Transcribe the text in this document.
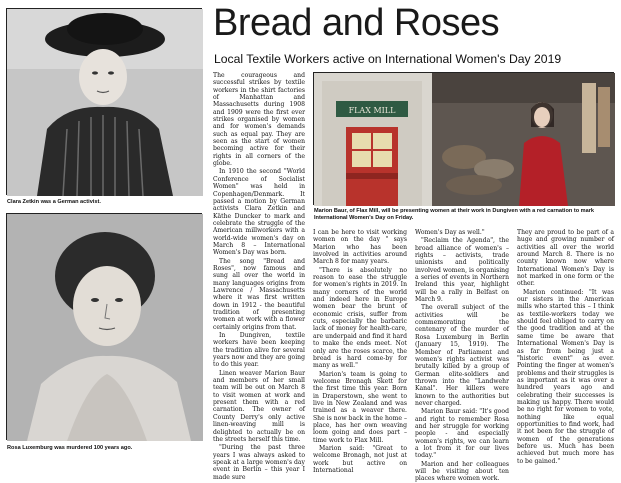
Clara Zetkin was a German activist.
Rosa Luxemburg was murdered 100 years ago.
Bread and Roses
Local Textile Workers active on International Women's Day 2019

The courageous and successful strikes by textile workers in the shirt factories of Manhattan and Massachusetts during 1908 and 1909 were the first ever strikes organised by women and for women's demands such as equal pay. They are seen as the start of women becoming active for their rights in all corners of the globe.

In 1910 the second "World Conference of Socialist Women" was held in Copenhagen/Denmark. It passed a motion by German activists Clara Zetkin and Käthe Duncker to mark and celebrate the struggle of the American millworkers with a world-wide women's day on March 8 – International Women's Day was born.

The song "Bread and Roses", now famous and sung all over the world in many languages origins from Lawrence / Massachusetts where it was first written down in 1912 - the beautiful tradition of presenting women at work with a flower certainly origins from that.

In Dungiven, textile workers have been keeping the tradition alive for several years now and they are going to do this year.

Linen weaver Marion Baur and members of her small team will be out on March 8 to visit women at work and present them with a red carnation. The owner of County Derry's only active linen-weaving mill is delighted to actually be on the streets herself this time.

"During the past three years I was always asked to speak at a large women's day event in Berlin – this year I made sure

FLAX MILL
Marion Baur, of Flax Mill, will be presenting women at their work in Dungiven with a red carnation to mark International Women's Day on Friday.

I can be here to visit working women on the day " says Marion who has been involved in activities around March 8 for many years.

"There is absolutely no reason to ease the struggle for women's rights in 2019. In many corners of the world and indeed here in Europe women bear the brunt of economic crisis, suffer from cuts, especially the barbaric lack of money for health-care, are underpaid and find it hard to make the ends meet. Not only are the roses scarce, the bread is hard come-by for many as well."

Marion's team is going to welcome Bronagh Skett for the first time this year. Born in Draperstown, she went to live in New Zealand and was trained as a weaver there. She is now back in the home – place, has her own weaving loom going and does part – time work to Flax Mill.

Marion said: "Great to welcome Bronagh, not just at work but active on International

Women's Day as well."

"Reclaim the Agenda", the broad alliance of women's – rights – activists, trade unionists and politically involved women, is organising a series of events in Northern Ireland this year, highlight will be a rally in Belfast on March 9.

The overall subject of the activities will be commemorating the centenary of the murder of Rosa Luxemburg in Berlin (January 15, 1919). The Member of Parliament and women's rights activist was brutally killed by a group of German elite-soldiers and thrown into the "Landwehr Kanal". Her killers were known to the authorities but never charged.

Marion Baur said: "It's good and right to remember Rosa and her struggle for working people - and especially women's rights, we can learn a lot from it for our lives today."

Marion and her colleagues will be visiting about ten places where women work.

They are proud to be part of a huge and growing number of activities all over the world around March 8. There is no county known now where International Women's Day is not marked in one form or the other.

Marion continued: "It was our sisters in the American mills who started this – I think as textile-workers today we should feel obliged to carry on the good tradition and at the same time be aware that International Women's Day is as far from being just a "historic event" as ever. Pointing the finger at women's problems and their struggles is as important as it was over a hundred years ago and celebrating their successes is making us happy. There would be no right for women to vote, nothing like equal opportunities to find work, had it not been for the struggle of women of the generations before us. Much has been achieved but much more has to be gained."
